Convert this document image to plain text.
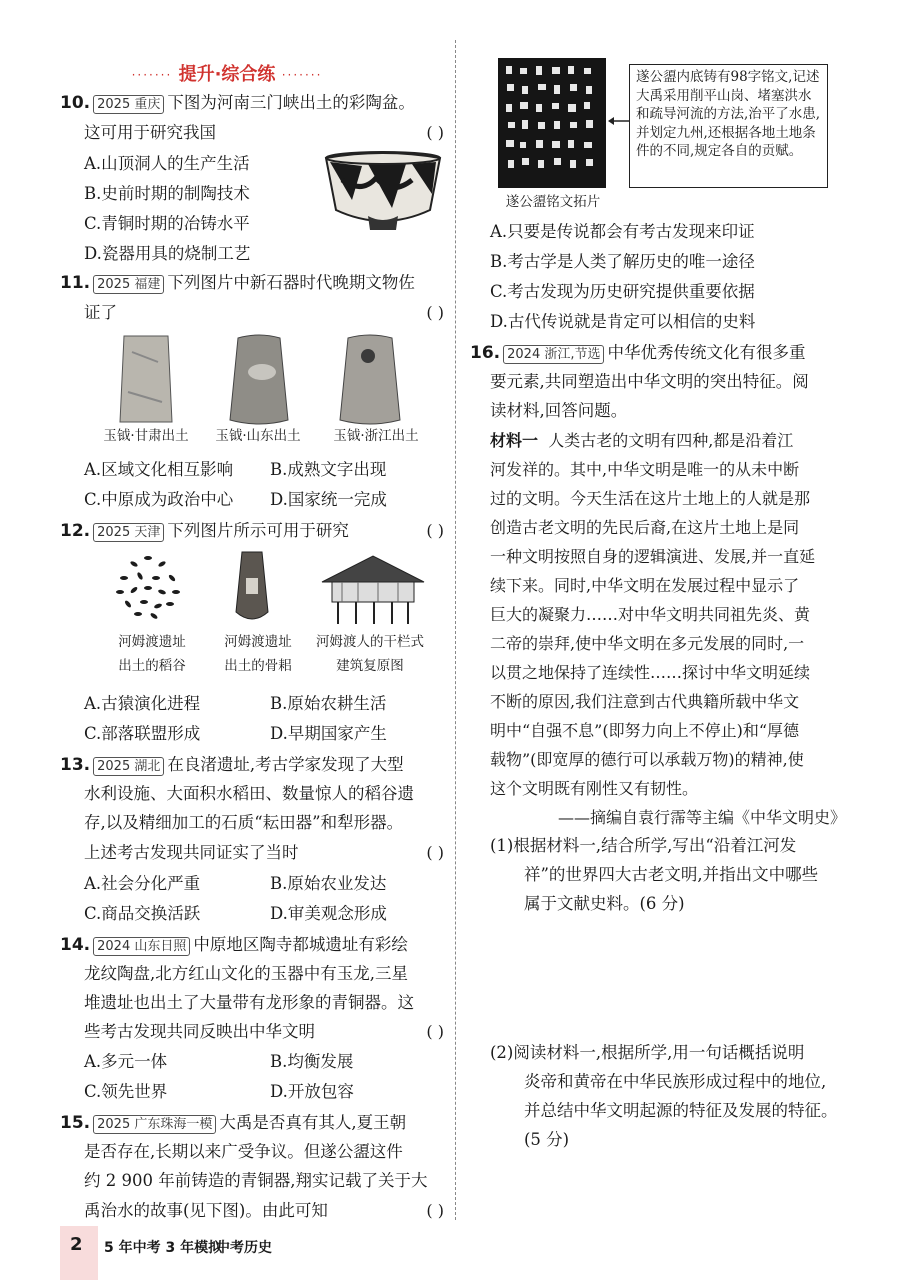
······· 提升·综合练 ·······
10. 2025 重庆 下图为河南三门峡出土的彩陶盆。
这可用于研究我国	( )
A.山顶洞人的生产生活
B.史前时期的制陶技术
C.青铜时期的冶铸水平
D.瓷器用具的烧制工艺
11. 2025 福建 下列图片中新石器时代晚期文物佐
证了	( )
玉钺·甘肃出土	玉钺·山东出土	玉钺·浙江出土
A.区域文化相互影响 B.成熟文字出现
C.中原成为政治中心 D.国家统一完成
12. 2025 天津 下列图片所示可用于研究	( )
河姆渡遗址
出土的稻谷
河姆渡遗址
出土的骨耜
河姆渡人的干栏式
建筑复原图
A.古猿演化进程	B.原始农耕生活
C.部落联盟形成	D.早期国家产生
13. 2025 湖北 在良渚遗址,考古学家发现了大型
水利设施、大面积水稻田、数量惊人的稻谷遗
存,以及精细加工的石质“耘田器”和犁形器。
上述考古发现共同证实了当时	( )
A.社会分化严重	B.原始农业发达
C.商品交换活跃	D.审美观念形成
14. 2024 山东日照 中原地区陶寺都城遗址有彩绘
龙纹陶盘,北方红山文化的玉器中有玉龙,三星
堆遗址也出土了大量带有龙形象的青铜器。这
些考古发现共同反映出中华文明	( )
A.多元一体	B.均衡发展
C.领先世界	D.开放包容
15. 2025 广东珠海一模 大禹是否真有其人,夏王朝
是否存在,长期以来广受争议。但遂公盨这件
约 2 900 年前铸造的青铜器,翔实记载了关于大
禹治水的故事(见下图)。由此可知	( )
遂公盨内底铸有98字铭文,记述大禹采用削平山岗、堵塞洪水和疏导河流的方法,治平了水患,并划定九州,还根据各地土地条件的不同,规定各自的贡赋。
遂公盨铭文拓片
A.只要是传说都会有考古发现来印证
B.考古学是人类了解历史的唯一途径
C.考古发现为历史研究提供重要依据
D.古代传说就是肯定可以相信的史料
16. 2024 浙江,节选 中华优秀传统文化有很多重
要元素,共同塑造出中华文明的突出特征。阅
读材料,回答问题。
材料一 人类古老的文明有四种,都是沿着江
河发祥的。其中,中华文明是唯一的从未中断
过的文明。今天生活在这片土地上的人就是那
创造古老文明的先民后裔,在这片土地上是同
一种文明按照自身的逻辑演进、发展,并一直延
续下来。同时,中华文明在发展过程中显示了
巨大的凝聚力……对中华文明共同祖先炎、黄
二帝的崇拜,使中华文明在多元发展的同时,一
以贯之地保持了连续性……探讨中华文明延续
不断的原因,我们注意到古代典籍所载中华文
明中“自强不息”(即努力向上不停止)和“厚德
载物”(即宽厚的德行可以承载万物)的精神,使
这个文明既有刚性又有韧性。
——摘编自袁行霈等主编《中华文明史》
(1)根据材料一,结合所学,写出“沿着江河发
祥”的世界四大古老文明,并指出文中哪些
属于文献史料。(6 分)
(2)阅读材料一,根据所学,用一句话概括说明
炎帝和黄帝在中华民族形成过程中的地位,
并总结中华文明起源的特征及发展的特征。
(5 分)
2 5 年中考 3 年模拟
中考历史
